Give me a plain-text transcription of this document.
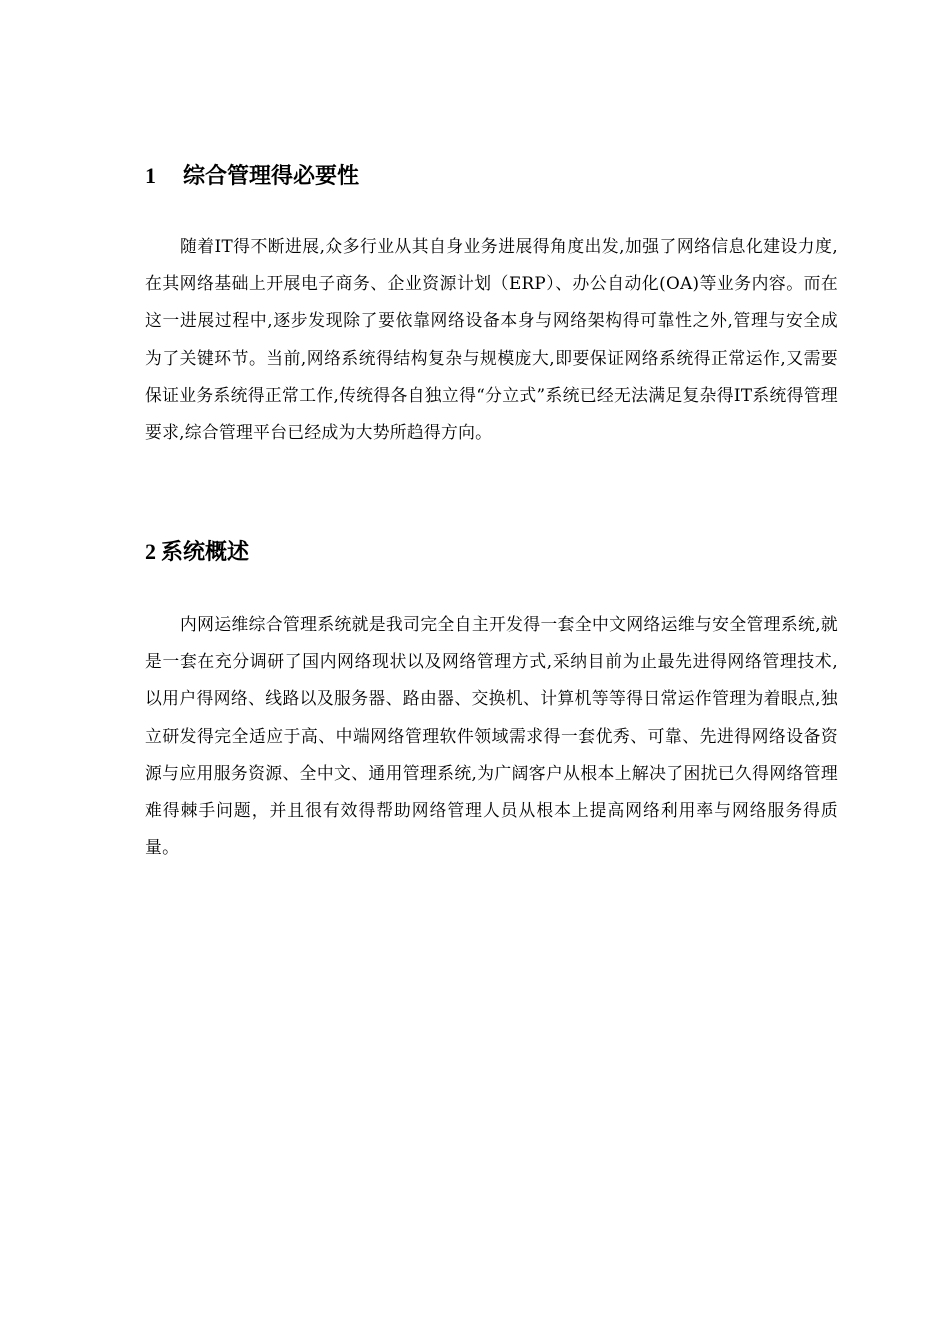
1 综合管理得必要性

随着IT得不断进展,众多行业从其自身业务进展得角度出发,加强了网络信息化建设力度,在其网络基础上开展电子商务、企业资源计划（ERP）、办公自动化(OA)等业务内容。而在这一进展过程中,逐步发现除了要依靠网络设备本身与网络架构得可靠性之外,管理与安全成为了关键环节。当前,网络系统得结构复杂与规模庞大,即要保证网络系统得正常运作,又需要保证业务系统得正常工作,传统得各自独立得“分立式”系统已经无法满足复杂得IT系统得管理要求,综合管理平台已经成为大势所趋得方向。

2 系统概述

内网运维综合管理系统就是我司完全自主开发得一套全中文网络运维与安全管理系统,就是一套在充分调研了国内网络现状以及网络管理方式,采纳目前为止最先进得网络管理技术,以用户得网络、线路以及服务器、路由器、交换机、计算机等等得日常运作管理为着眼点,独立研发得完全适应于高、中端网络管理软件领域需求得一套优秀、可靠、先进得网络设备资源与应用服务资源、全中文、通用管理系统,为广阔客户从根本上解决了困扰已久得网络管理难得棘手问题，并且很有效得帮助网络管理人员从根本上提高网络利用率与网络服务得质量。
